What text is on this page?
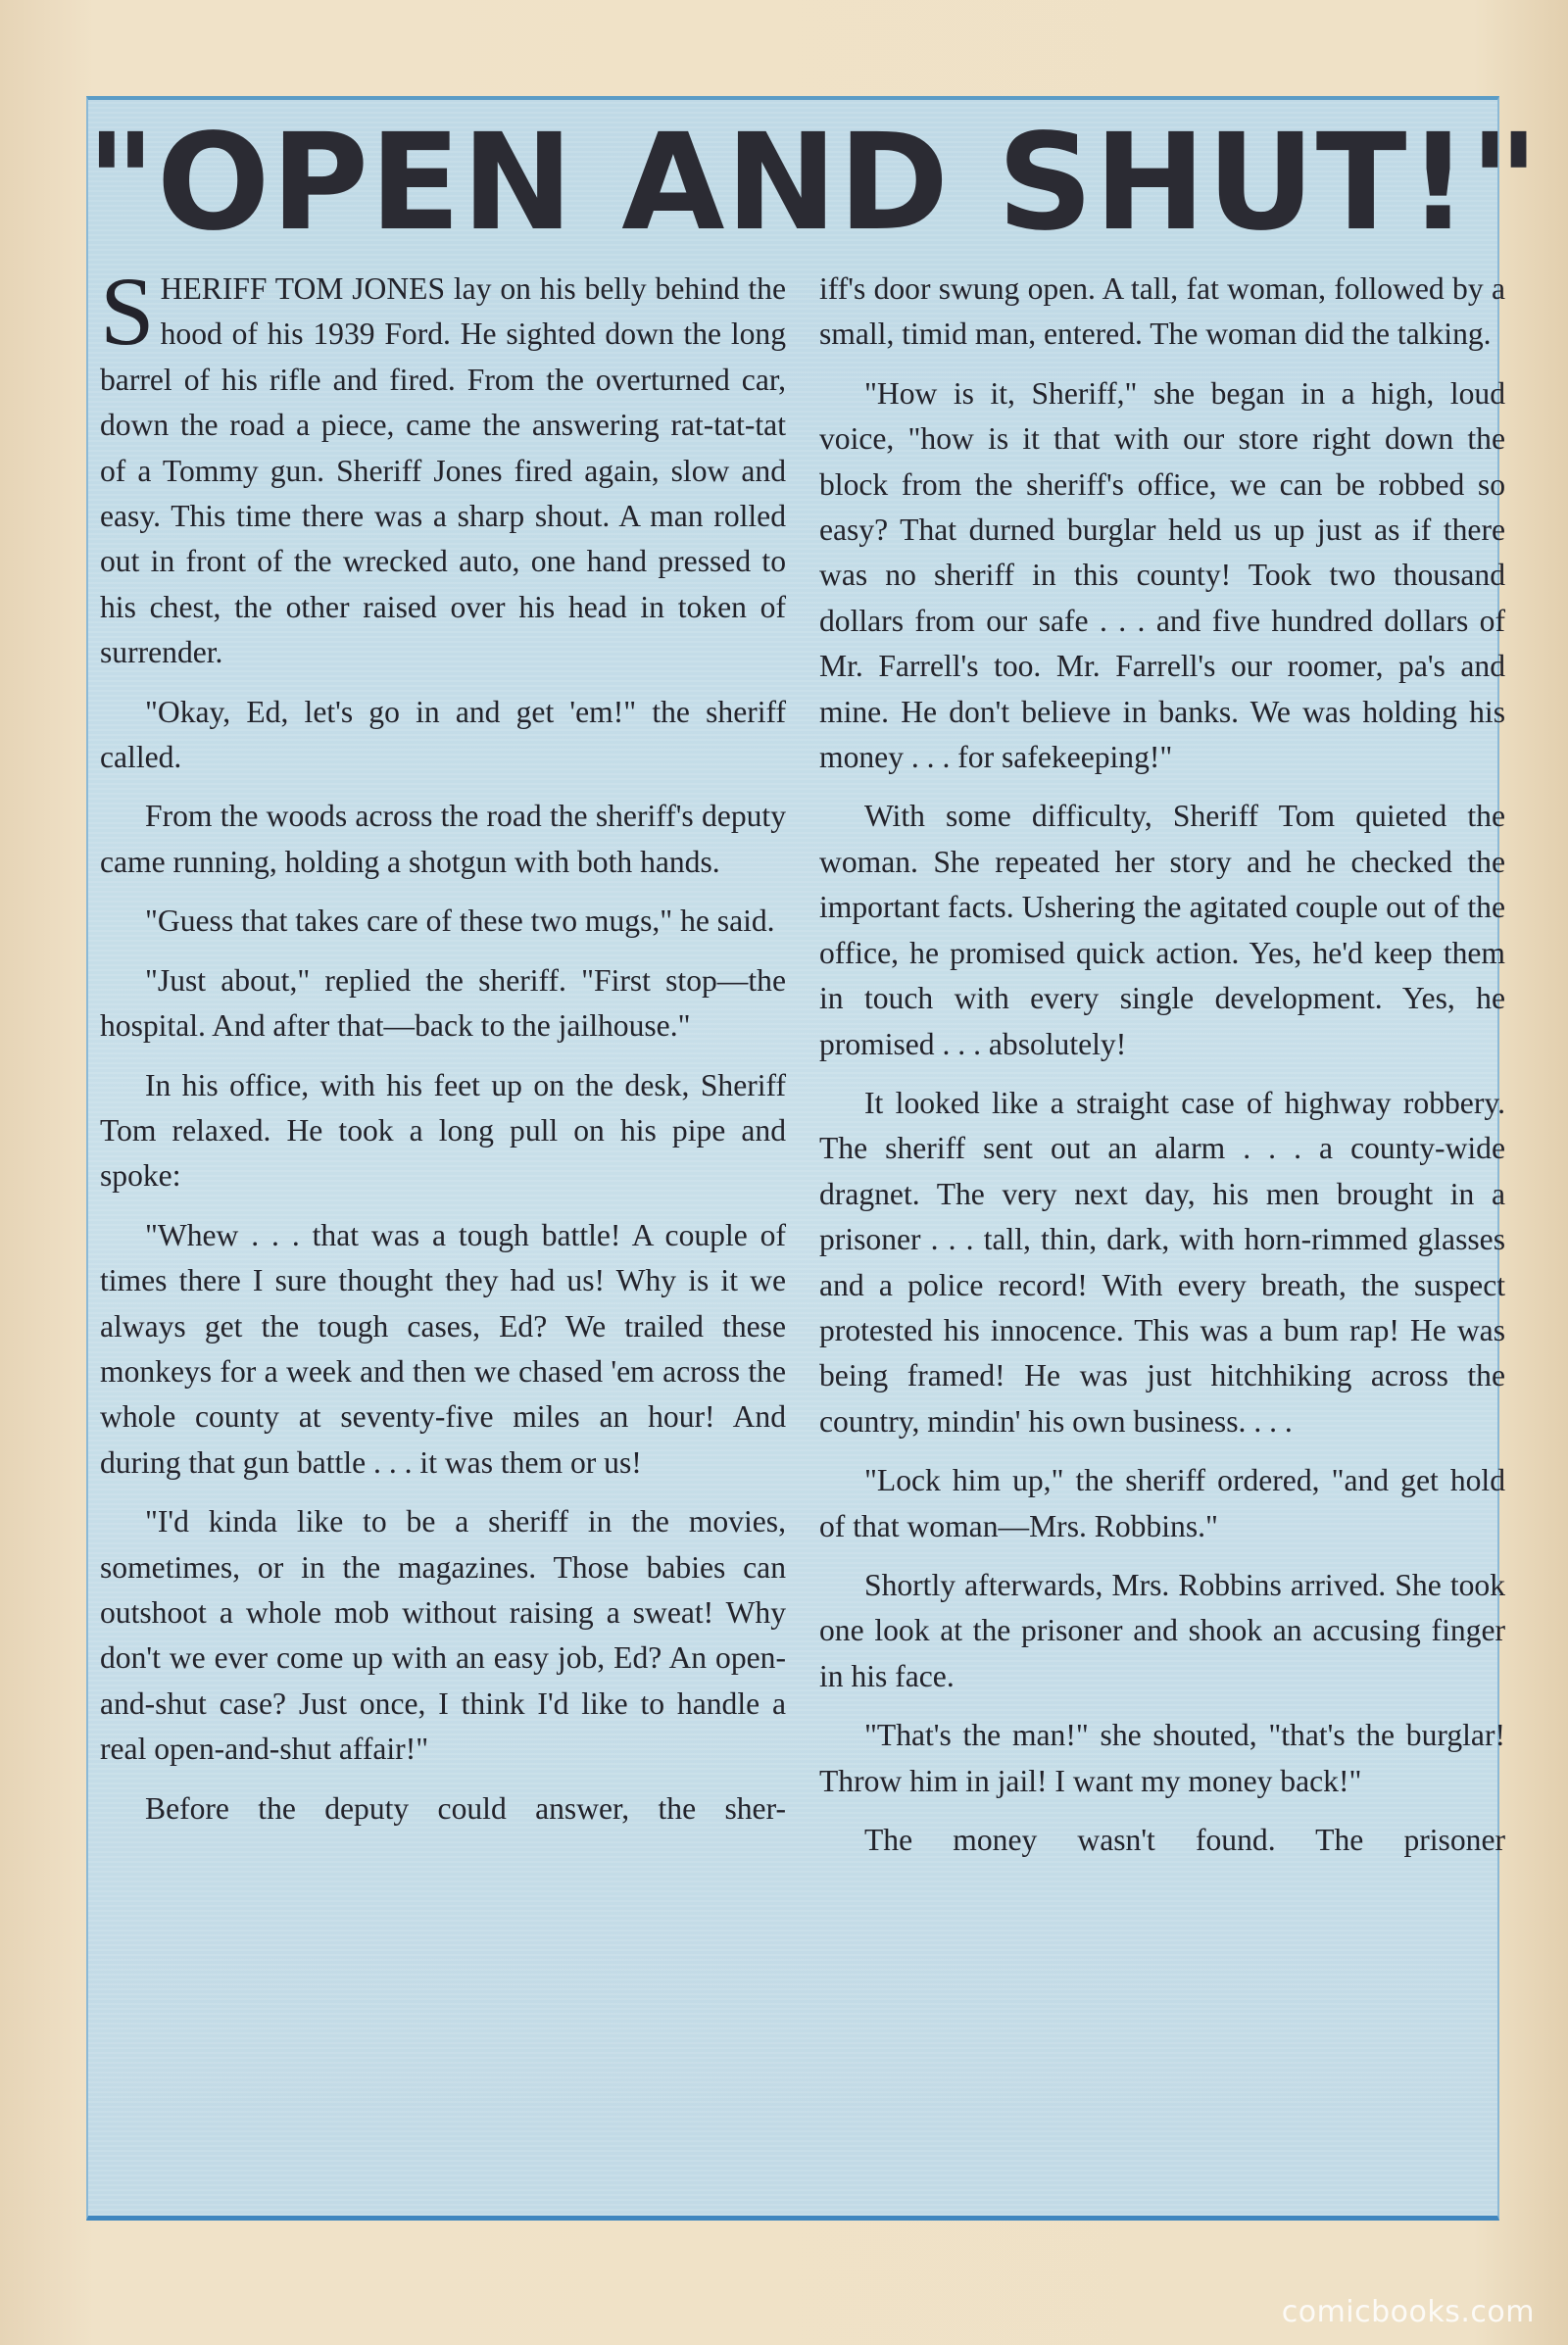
"OPEN AND SHUT!"

SHERIFF TOM JONES lay on his belly behind the hood of his 1939 Ford. He sighted down the long barrel of his rifle and fired. From the overturned car, down the road a piece, came the answering rat-tat-tat of a Tommy gun. Sheriff Jones fired again, slow and easy. This time there was a sharp shout. A man rolled out in front of the wrecked auto, one hand pressed to his chest, the other raised over his head in token of surrender.

"Okay, Ed, let's go in and get 'em!" the sheriff called.

From the woods across the road the sheriff's deputy came running, holding a shotgun with both hands.

"Guess that takes care of these two mugs," he said.

"Just about," replied the sheriff. "First stop—the hospital. And after that—back to the jailhouse."

In his office, with his feet up on the desk, Sheriff Tom relaxed. He took a long pull on his pipe and spoke:

"Whew . . . that was a tough battle! A couple of times there I sure thought they had us! Why is it we always get the tough cases, Ed? We trailed these monkeys for a week and then we chased 'em across the whole county at seventy-five miles an hour! And during that gun battle . . . it was them or us!

"I'd kinda like to be a sheriff in the movies, sometimes, or in the magazines. Those babies can outshoot a whole mob without raising a sweat! Why don't we ever come up with an easy job, Ed? An open-and-shut case? Just once, I think I'd like to handle a real open-and-shut affair!"

Before the deputy could answer, the sher-

iff's door swung open. A tall, fat woman, followed by a small, timid man, entered. The woman did the talking.

"How is it, Sheriff," she began in a high, loud voice, "how is it that with our store right down the block from the sheriff's office, we can be robbed so easy? That durned burglar held us up just as if there was no sheriff in this county! Took two thousand dollars from our safe . . . and five hundred dollars of Mr. Farrell's too. Mr. Farrell's our roomer, pa's and mine. He don't believe in banks. We was holding his money . . . for safekeeping!"

With some difficulty, Sheriff Tom quieted the woman. She repeated her story and he checked the important facts. Ushering the agitated couple out of the office, he promised quick action. Yes, he'd keep them in touch with every single development. Yes, he promised . . . absolutely!

It looked like a straight case of highway robbery. The sheriff sent out an alarm . . . a county-wide dragnet. The very next day, his men brought in a prisoner . . . tall, thin, dark, with horn-rimmed glasses and a police record! With every breath, the suspect protested his innocence. This was a bum rap! He was being framed! He was just hitchhiking across the country, mindin' his own business. . . .

"Lock him up," the sheriff ordered, "and get hold of that woman—Mrs. Robbins."

Shortly afterwards, Mrs. Robbins arrived. She took one look at the prisoner and shook an accusing finger in his face.

"That's the man!" she shouted, "that's the burglar! Throw him in jail! I want my money back!"

The money wasn't found. The prisoner

comicbooks.com
